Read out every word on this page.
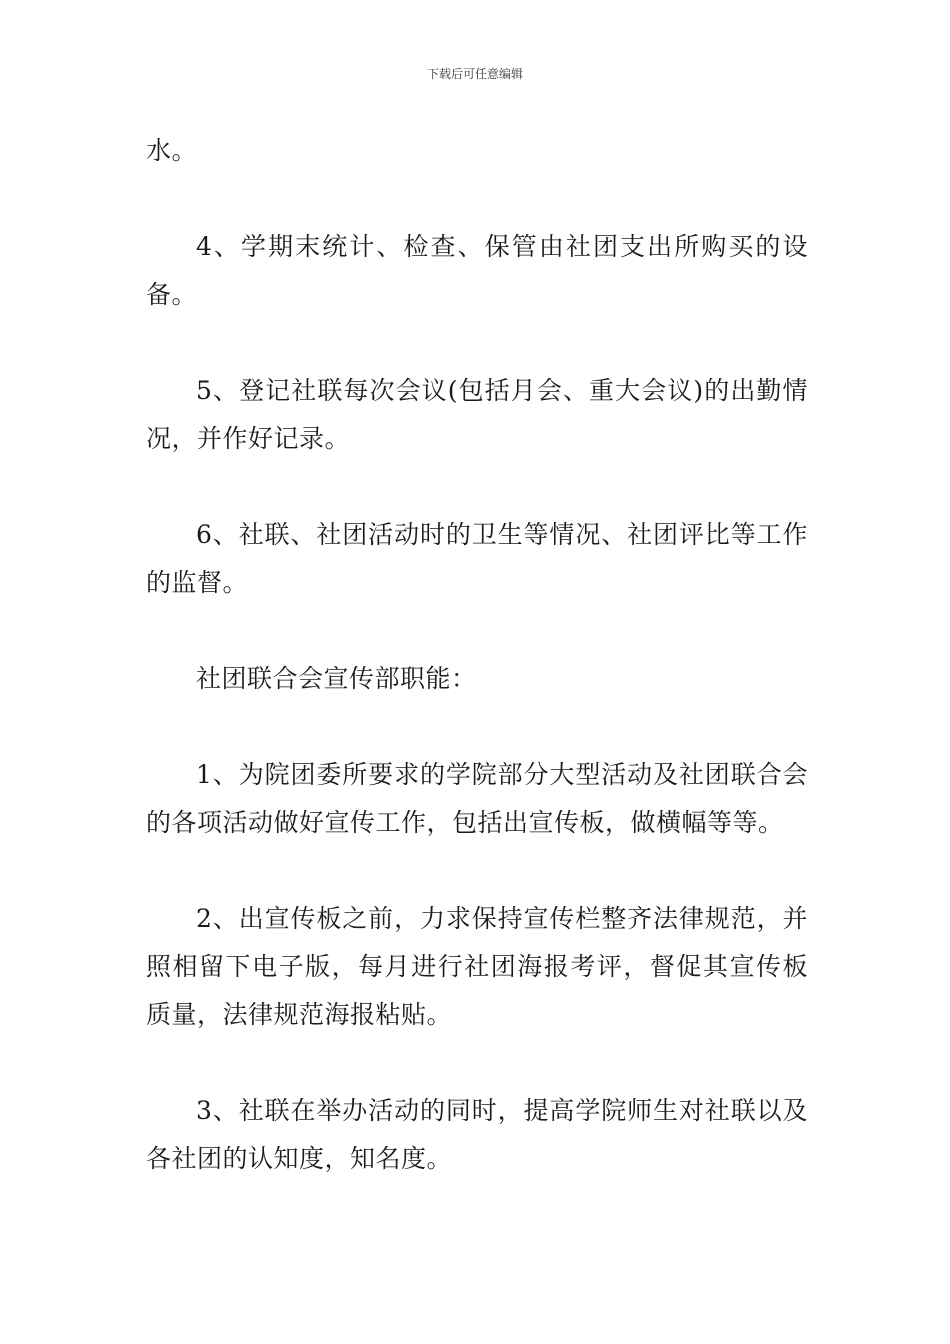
下载后可任意编辑

水。

4、学期末统计、检查、保管由社团支出所购买的设备。

5、登记社联每次会议(包括月会、重大会议)的出勤情况，并作好记录。

6、社联、社团活动时的卫生等情况、社团评比等工作的监督。

社团联合会宣传部职能：

1、为院团委所要求的学院部分大型活动及社团联合会的各项活动做好宣传工作，包括出宣传板，做横幅等等。

2、出宣传板之前，力求保持宣传栏整齐法律规范，并照相留下电子版，每月进行社团海报考评，督促其宣传板质量，法律规范海报粘贴。

3、社联在举办活动的同时，提高学院师生对社联以及各社团的认知度，知名度。
